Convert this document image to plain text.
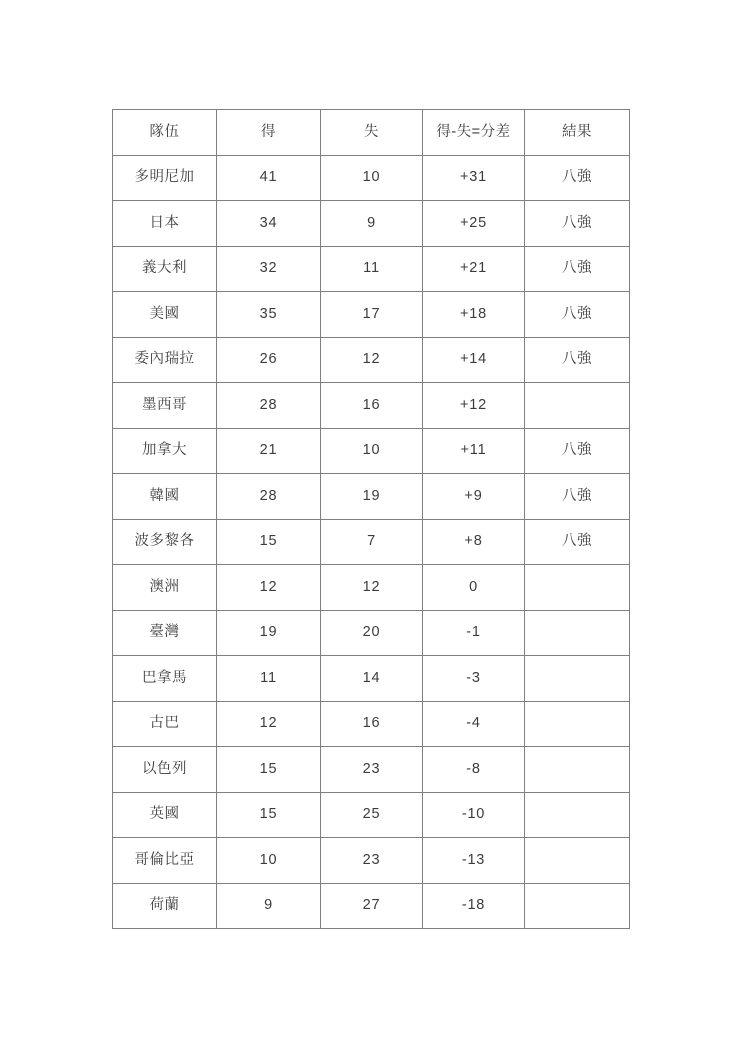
隊伍	得	失	得-失=分差	結果
多明尼加	41	10	+31	八強
日本	34	9	+25	八強
義大利	32	11	+21	八強
美國	35	17	+18	八強
委內瑞拉	26	12	+14	八強
墨西哥	28	16	+12	
加拿大	21	10	+11	八強
韓國	28	19	+9	八強
波多黎各	15	7	+8	八強
澳洲	12	12	0	
臺灣	19	20	-1	
巴拿馬	11	14	-3	
古巴	12	16	-4	
以色列	15	23	-8	
英國	15	25	-10	
哥倫比亞	10	23	-13	
荷蘭	9	27	-18	
